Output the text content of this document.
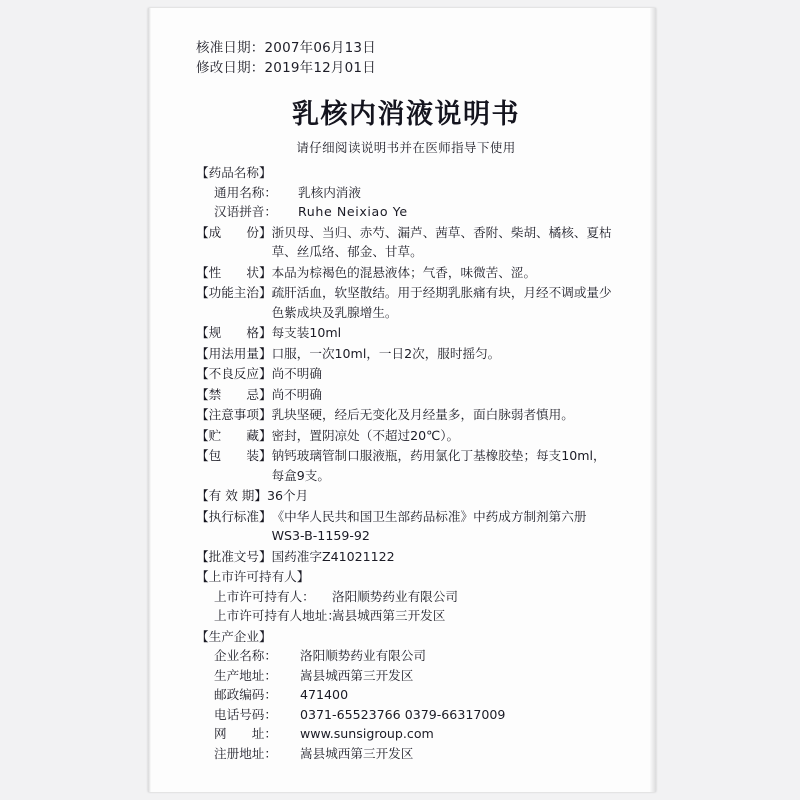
核准日期：2007年06月13日
修改日期：2019年12月01日
乳核内消液说明书
请仔细阅读说明书并在医师指导下使用
【药品名称】
通用名称：	乳核内消液
汉语拼音：	Ruhe Neixiao Ye
【成　　份】 浙贝母、当归、赤芍、漏芦、茜草、香附、柴胡、橘核、夏枯草、丝瓜络、郁金、甘草。
【性　　状】 本品为棕褐色的混悬液体；气香，味微苦、涩。
【功能主治】 疏肝活血，软坚散结。用于经期乳胀痛有块，月经不调或量少色紫成块及乳腺增生。
【规　　格】 每支装10ml
【用法用量】 口服，一次10ml，一日2次，服时摇匀。
【不良反应】 尚不明确
【禁　　忌】 尚不明确
【注意事项】 乳块坚硬，经后无变化及月经量多，面白脉弱者慎用。
【贮　　藏】 密封，置阴凉处（不超过20℃）。
【包　　装】 钠钙玻璃管制口服液瓶，药用氯化丁基橡胶垫；每支10ml，每盒9支。
【有 效 期】 36个月
【执行标准】 《中华人民共和国卫生部药品标准》中药成方制剂第六册WS3-B-1159-92
【批准文号】 国药准字Z41021122
【上市许可持有人】
上市许可持有人：	洛阳顺势药业有限公司
上市许可持有人地址：
嵩县城西第三开发区
【生产企业】
企业名称：	洛阳顺势药业有限公司
生产地址：	嵩县城西第三开发区
邮政编码：	471400
电话号码：	0371-65523766 0379-66317009
网　　址：	www.sunsigroup.com
注册地址：	嵩县城西第三开发区
